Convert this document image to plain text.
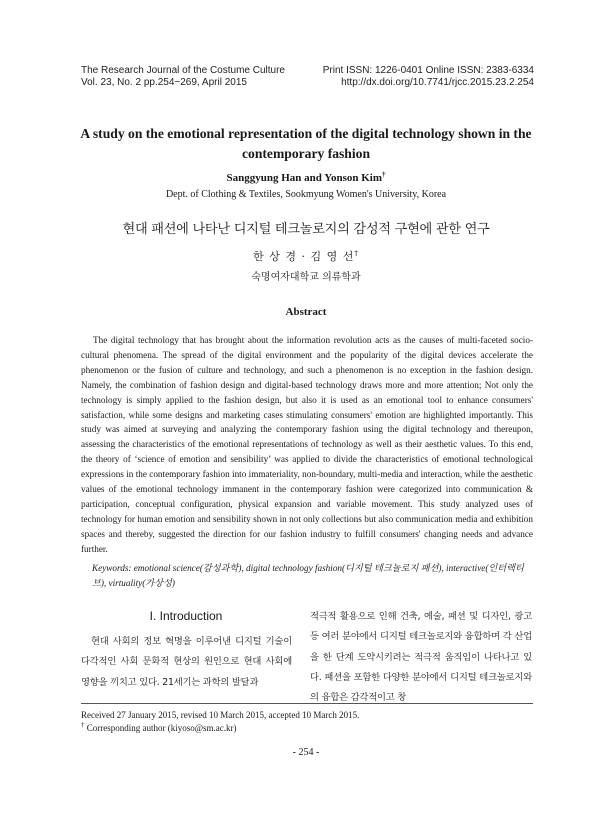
The Research Journal of the Costume Culture
Vol. 23, No. 2 pp.254~269, April 2015
Print ISSN: 1226-0401 Online ISSN: 2383-6334
http://dx.doi.org/10.7741/rjcc.2015.23.2.254
A study on the emotional representation of the digital technology shown in the contemporary fashion
Sanggyung Han and Yonson Kim†
Dept. of Clothing & Textiles, Sookmyung Women's University, Korea
현대 패션에 나타난 디지털 테크놀로지의 감성적 구현에 관한 연구
한 상 경 · 김 영 선†
숙명여자대학교 의류학과
Abstract

The digital technology that has brought about the information revolution acts as the causes of multi-faceted socio-cultural phenomena. The spread of the digital environment and the popularity of the digital devices accelerate the phenomenon or the fusion of culture and technology, and such a phenomenon is no exception in the fashion design. Namely, the combination of fashion design and digital-based technology draws more and more attention; Not only the technology is simply applied to the fashion design, but also it is used as an emotional tool to enhance consumers' satisfaction, while some designs and marketing cases stimulating consumers' emotion are highlighted importantly. This study was aimed at surveying and analyzing the contemporary fashion using the digital technology and thereupon, assessing the characteristics of the emotional representations of technology as well as their aesthetic values. To this end, the theory of ‘science of emotion and sensibility’ was applied to divide the characteristics of emotional technological expressions in the contemporary fashion into immateriality, non-boundary, multi-media and interaction, while the aesthetic values of the emotional technology immanent in the contemporary fashion were categorized into communication & participation, conceptual configuration, physical expansion and variable movement. This study analyzed uses of technology for human emotion and sensibility shown in not only collections but also communication media and exhibition spaces and thereby, suggested the direction for our fashion industry to fulfill consumers' changing needs and advance further.

Keywords: emotional science(감성과학), digital technology fashion(디지털 테크놀로지 패션), interactive(인터랙티브), virtuality(가상성)
I. Introduction

현대 사회의 정보 혁명을 이루어낸 디지털 기술이 다각적인 사회 문화적 현상의 원인으로 현대 사회에 영향을 끼치고 있다. 21세기는 과학의 발달과

적극적 활용으로 인해 건축, 예술, 패션 및 디자인, 광고 등 여러 분야에서 디지털 테크놀로지와 융합하며 각 산업을 한 단계 도약시키려는 적극적 움직임이 나타나고 있다. 패션을 포함한 다양한 분야에서 디지털 테크놀로지와의 융합은 감각적이고 창

Received 27 January 2015, revised 10 March 2015, accepted 10 March 2015.
† Corresponding author (kiyoso@sm.ac.kr)
- 254 -
